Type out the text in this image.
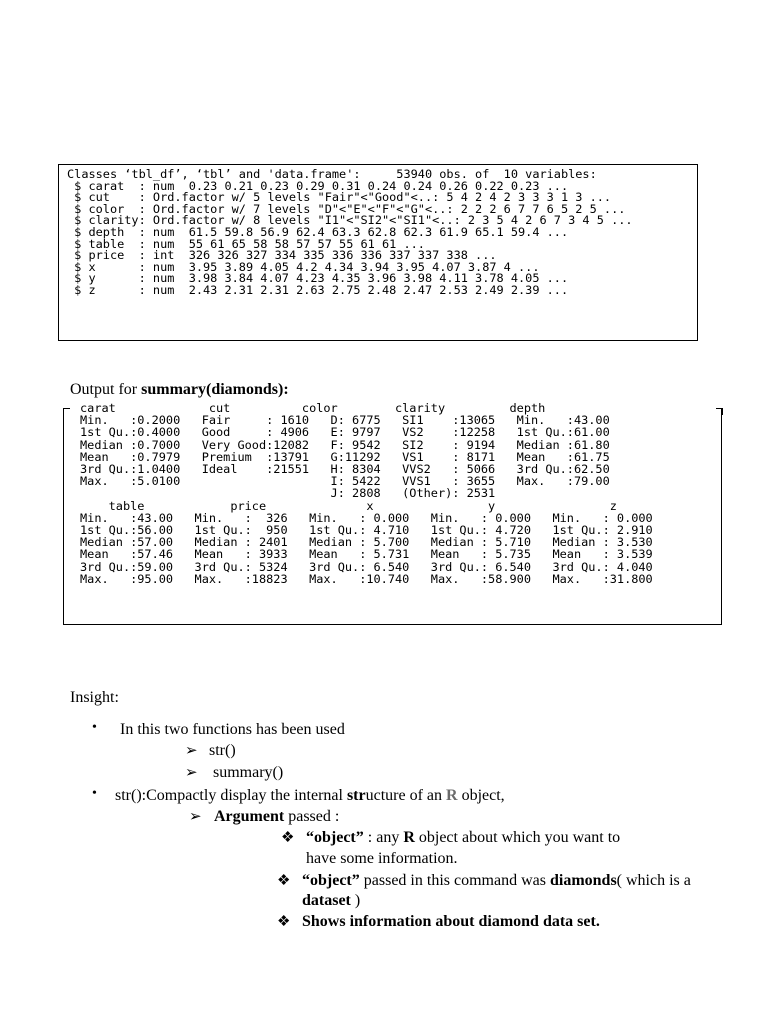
Classes ‘tbl_df’, ‘tbl’ and 'data.frame':     53940 obs. of  10 variables:
$ carat  : num  0.23 0.21 0.23 0.29 0.31 0.24 0.24 0.26 0.22 0.23 ...
$ cut    : Ord.factor w/ 5 levels "Fair"<"Good"<..: 5 4 2 4 2 3 3 3 1 3 ...
$ color  : Ord.factor w/ 7 levels "D"<"E"<"F"<"G"<..: 2 2 2 6 7 7 6 5 2 5 ...
$ clarity: Ord.factor w/ 8 levels "I1"<"SI2"<"SI1"<..: 2 3 5 4 2 6 7 3 4 5 ...
$ depth  : num  61.5 59.8 56.9 62.4 63.3 62.8 62.3 61.9 65.1 59.4 ...
$ table  : num  55 61 65 58 58 57 57 55 61 61 ...
$ price  : int  326 326 327 334 335 336 336 337 337 338 ...
$ x      : num  3.95 3.89 4.05 4.2 4.34 3.94 3.95 4.07 3.87 4 ...
$ y      : num  3.98 3.84 4.07 4.23 4.35 3.96 3.98 4.11 3.78 4.05 ...
$ z      : num  2.43 2.31 2.31 2.63 2.75 2.48 2.47 2.53 2.49 2.39 ...
Output for summary(diamonds):
carat             cut          color        clarity         depth
Min.   :0.2000   Fair     : 1610   D: 6775   SI1    :13065   Min.   :43.00
1st Qu.:0.4000   Good     : 4906   E: 9797   VS2    :12258   1st Qu.:61.00
Median :0.7000   Very Good:12082   F: 9542   SI2    : 9194   Median :61.80
Mean   :0.7979   Premium  :13791   G:11292   VS1    : 8171   Mean   :61.75
3rd Qu.:1.0400   Ideal    :21551   H: 8304   VVS2   : 5066   3rd Qu.:62.50
Max.   :5.0100                     I: 5422   VVS1   : 3655   Max.   :79.00
J: 2808   (Other): 2531
table            price              x                y                z
Min.   :43.00   Min.   :  326   Min.   : 0.000   Min.   : 0.000   Min.   : 0.000
1st Qu.:56.00   1st Qu.:  950   1st Qu.: 4.710   1st Qu.: 4.720   1st Qu.: 2.910
Median :57.00   Median : 2401   Median : 5.700   Median : 5.710   Median : 3.530
Mean   :57.46   Mean   : 3933   Mean   : 5.731   Mean   : 5.735   Mean   : 3.539
3rd Qu.:59.00   3rd Qu.: 5324   3rd Qu.: 6.540   3rd Qu.: 6.540   3rd Qu.: 4.040
Max.   :95.00   Max.   :18823   Max.   :10.740   Max.   :58.900   Max.   :31.800
Insight:
• In this two functions has been used
➢ str()
➢ summary()
• str():Compactly display the internal structure of an R object,
➢ Argument passed :
❖ “object” : any R object about which you want to
have some information.
❖ “object” passed in this command was diamonds( which is a
dataset )
❖ Shows information about diamond data set.
